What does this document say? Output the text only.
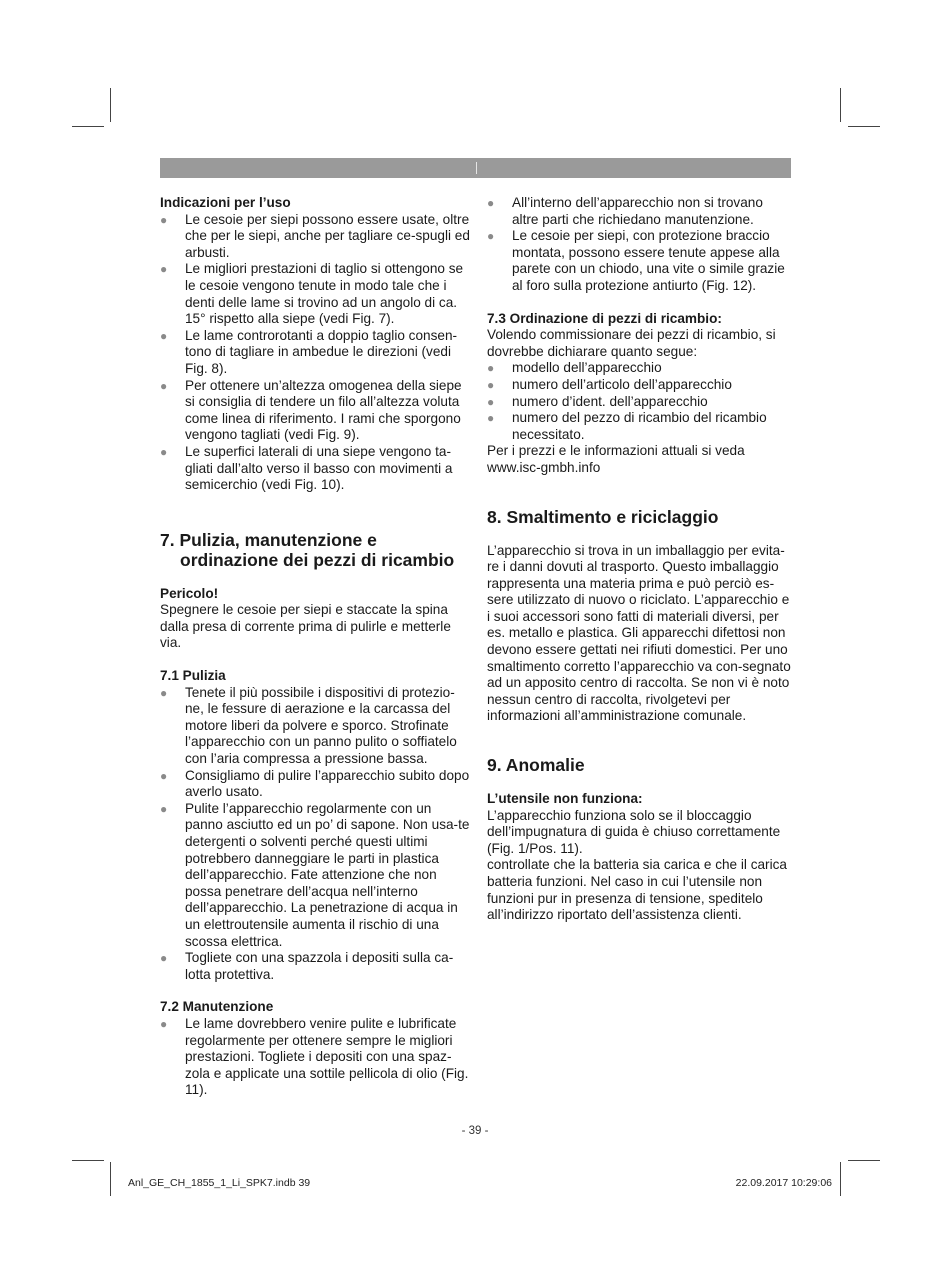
Indicazioni per l’uso

● Le cesoie per siepi possono essere usate, oltre che per le siepi, anche per tagliare ce-spugli ed arbusti.
● Le migliori prestazioni di taglio si ottengono se le cesoie vengono tenute in modo tale che i denti delle lame si trovino ad un angolo di ca. 15° rispetto alla siepe (vedi Fig. 7).
● Le lame controrotanti a doppio taglio consen-tono di tagliare in ambedue le direzioni (vedi Fig. 8).
● Per ottenere un’altezza omogenea della siepe si consiglia di tendere un filo all’altezza voluta come linea di riferimento. I rami che sporgono vengono tagliati (vedi Fig. 9).
● Le superfici laterali di una siepe vengono ta-gliati dall’alto verso il basso con movimenti a semicerchio (vedi Fig. 10).
7. Pulizia, manutenzione e
ordinazione dei pezzi di ricambio

Pericolo!

Spegnere le cesoie per siepi e staccate la spina dalla presa di corrente prima di pulirle e metterle via.

7.1 Pulizia

● Tenete il più possibile i dispositivi di protezio-ne, le fessure di aerazione e la carcassa del motore liberi da polvere e sporco. Strofinate l’apparecchio con un panno pulito o soffiatelo con l’aria compressa a pressione bassa.
● Consigliamo di pulire l’apparecchio subito dopo averlo usato.
● Pulite l’apparecchio regolarmente con un panno asciutto ed un po’ di sapone. Non usa-te detergenti o solventi perché questi ultimi potrebbero danneggiare le parti in plastica dell’apparecchio. Fate attenzione che non possa penetrare dell’acqua nell’interno dell’apparecchio. La penetrazione di acqua in un elettroutensile aumenta il rischio di una scossa elettrica.
● Togliete con una spazzola i depositi sulla ca-lotta protettiva.

7.2 Manutenzione

● Le lame dovrebbero venire pulite e lubrificate regolarmente per ottenere sempre le migliori prestazioni. Togliete i depositi con una spaz-zola e applicate una sottile pellicola di olio (Fig. 11).
● All’interno dell’apparecchio non si trovano altre parti che richiedano manutenzione.
● Le cesoie per siepi, con protezione braccio montata, possono essere tenute appese alla parete con un chiodo, una vite o simile grazie al foro sulla protezione antiurto (Fig. 12).

7.3 Ordinazione di pezzi di ricambio:

Volendo commissionare dei pezzi di ricambio, si dovrebbe dichiarare quanto segue:

● modello dell’apparecchio
● numero dell’articolo dell’apparecchio
● numero d’ident. dell’apparecchio
● numero del pezzo di ricambio del ricambio necessitato.

Per i prezzi e le informazioni attuali si veda www.isc-gmbh.info

8. Smaltimento e riciclaggio

L’apparecchio si trova in un imballaggio per evita-re i danni dovuti al trasporto. Questo imballaggio rappresenta una materia prima e può perciò es-sere utilizzato di nuovo o riciclato. L’apparecchio e i suoi accessori sono fatti di materiali diversi, per es. metallo e plastica. Gli apparecchi difettosi non devono essere gettati nei rifiuti domestici. Per uno smaltimento corretto l’apparecchio va con-segnato ad un apposito centro di raccolta. Se non vi è noto nessun centro di raccolta, rivolgetevi per informazioni all’amministrazione comunale.

9. Anomalie

L’utensile non funziona:

L’apparecchio funziona solo se il bloccaggio dell’impugnatura di guida è chiuso correttamente (Fig. 1/Pos. 11).

controllate che la batteria sia carica e che il carica batteria funzioni. Nel caso in cui l’utensile non funzioni pur in presenza di tensione, speditelo all’indirizzo riportato dell’assistenza clienti.

- 39 -
Anl_GE_CH_1855_1_Li_SPK7.indb 39	22.09.2017 10:29:06
